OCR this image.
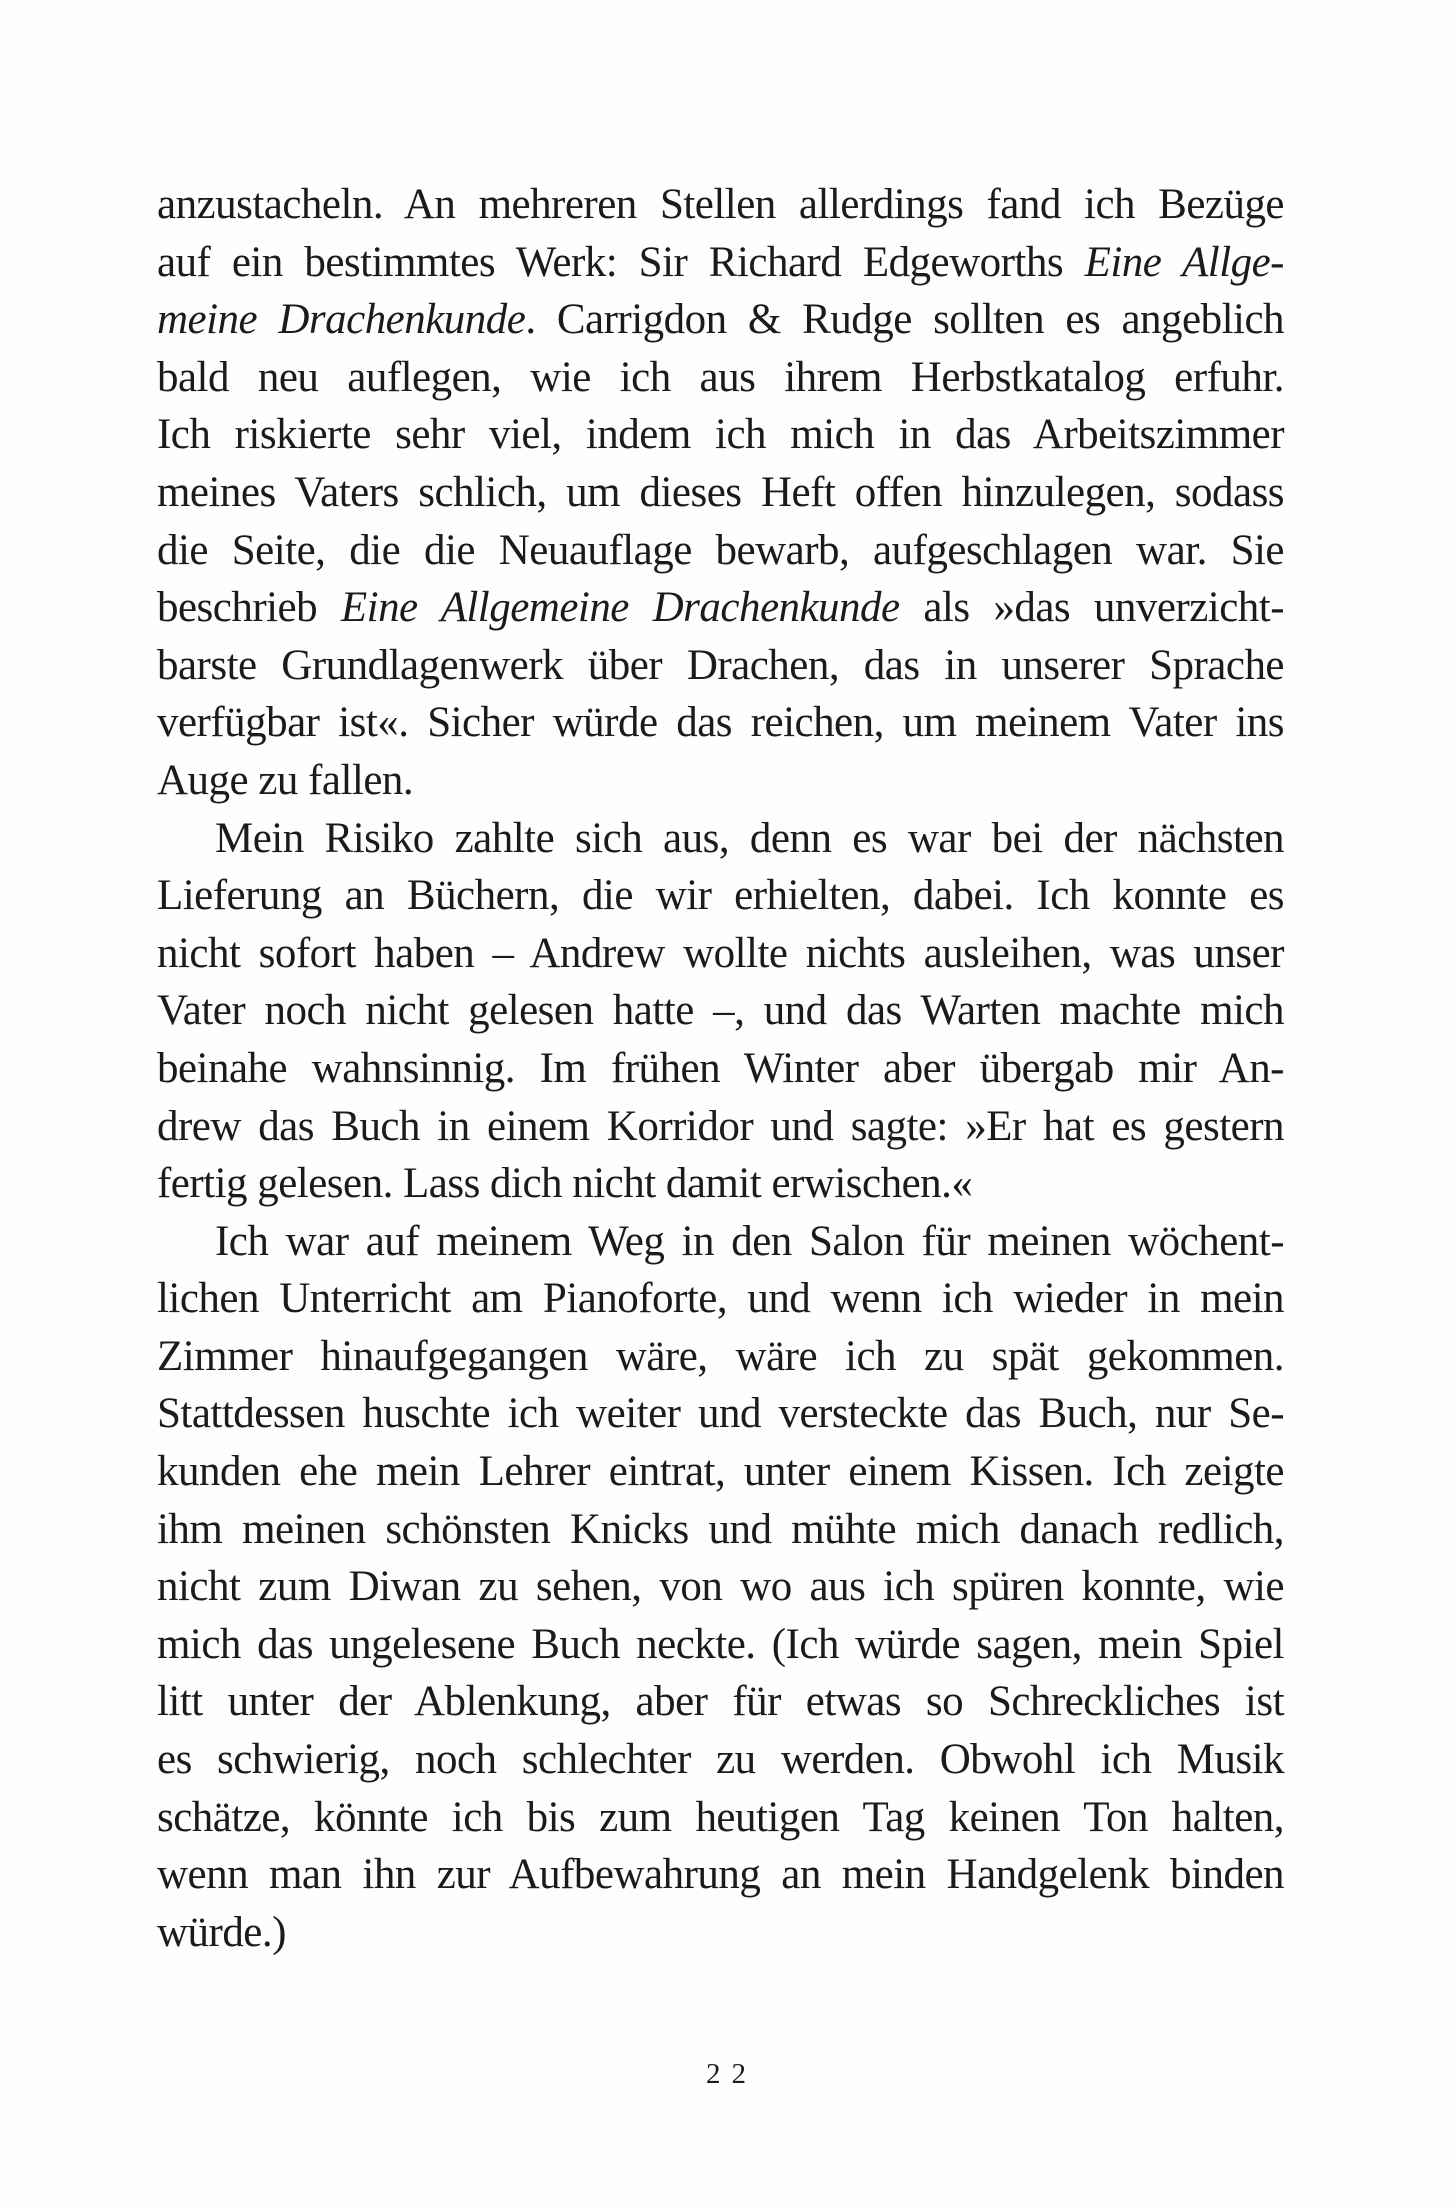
anzustacheln. An mehreren Stellen allerdings fand ich Bezüge
auf ein bestimmtes Werk: Sir Richard Edgeworths Eine Allge-
meine Drachenkunde. Carrigdon & Rudge sollten es angeblich
bald neu auflegen, wie ich aus ihrem Herbstkatalog erfuhr.
Ich riskierte sehr viel, indem ich mich in das Arbeitszimmer
meines Vaters schlich, um dieses Heft offen hinzulegen, sodass
die Seite, die die Neuauflage bewarb, aufgeschlagen war. Sie
beschrieb Eine Allgemeine Drachenkunde als »das unverzicht-
barste Grundlagenwerk über Drachen, das in unserer Sprache
verfügbar ist«. Sicher würde das reichen, um meinem Vater ins
Auge zu fallen.
Mein Risiko zahlte sich aus, denn es war bei der nächsten
Lieferung an Büchern, die wir erhielten, dabei. Ich konnte es
nicht sofort haben – Andrew wollte nichts ausleihen, was unser
Vater noch nicht gelesen hatte –, und das Warten machte mich
beinahe wahnsinnig. Im frühen Winter aber übergab mir An-
drew das Buch in einem Korridor und sagte: »Er hat es gestern
fertig gelesen. Lass dich nicht damit erwischen.«
Ich war auf meinem Weg in den Salon für meinen wöchent-
lichen Unterricht am Pianoforte, und wenn ich wieder in mein
Zimmer hinaufgegangen wäre, wäre ich zu spät gekommen.
Stattdessen huschte ich weiter und versteckte das Buch, nur Se-
kunden ehe mein Lehrer eintrat, unter einem Kissen. Ich zeigte
ihm meinen schönsten Knicks und mühte mich danach redlich,
nicht zum Diwan zu sehen, von wo aus ich spüren konnte, wie
mich das ungelesene Buch neckte. (Ich würde sagen, mein Spiel
litt unter der Ablenkung, aber für etwas so Schreckliches ist
es schwierig, noch schlechter zu werden. Obwohl ich Musik
schätze, könnte ich bis zum heutigen Tag keinen Ton halten,
wenn man ihn zur Aufbewahrung an mein Handgelenk binden
würde.)
22
